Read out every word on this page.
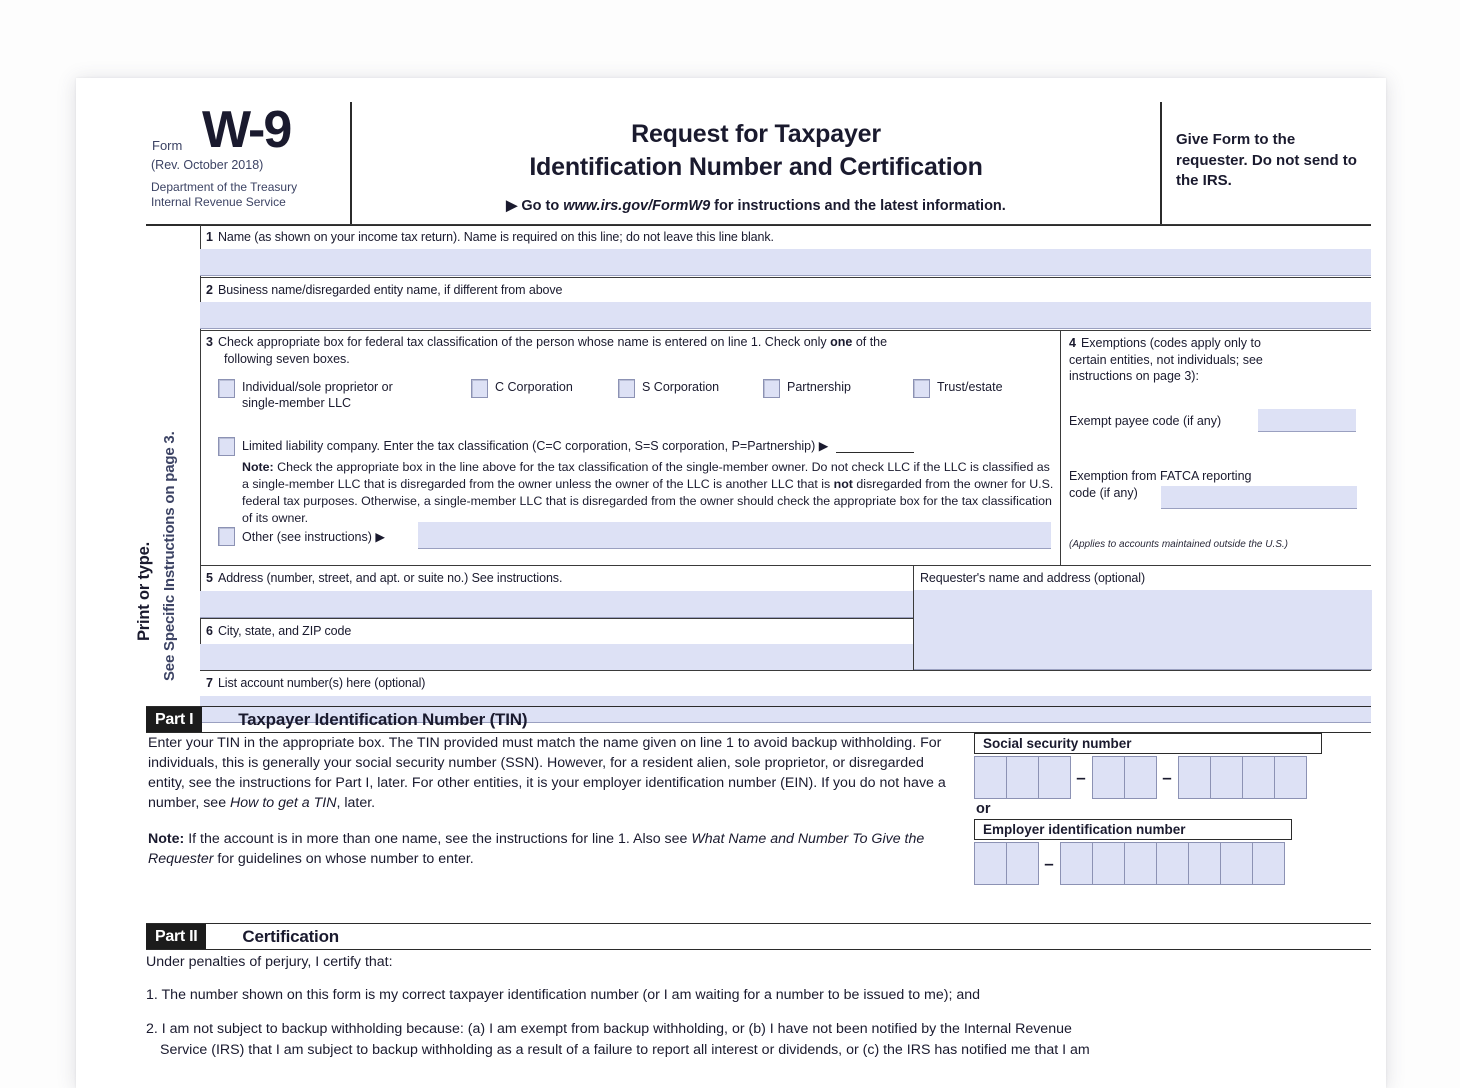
Form W-9
(Rev. October 2018)
Department of the Treasury
Internal Revenue Service
Request for Taxpayer
Identification Number and Certification
▶ Go to www.irs.gov/FormW9 for instructions and the latest information.
Give Form to the requester. Do not send to the IRS.
Print or type. See Specific Instructions on page 3.
1 Name (as shown on your income tax return). Name is required on this line; do not leave this line blank.
2 Business name/disregarded entity name, if different from above
3 Check appropriate box for federal tax classification of the person whose name is entered on line 1. Check only one of the
following seven boxes.
Individual/sole proprietor or
single-member LLC
C Corporation	S Corporation	Partnership	Trust/estate
Limited liability company. Enter the tax classification (C=C corporation, S=S corporation, P=Partnership) ▶
Note: Check the appropriate box in the line above for the tax classification of the single-member owner. Do not check LLC if the LLC is classified as a single-member LLC that is disregarded from the owner unless the owner of the LLC is another LLC that is not disregarded from the owner for U.S. federal tax purposes. Otherwise, a single-member LLC that is disregarded from the owner should check the appropriate box for the tax classification of its owner.
Other (see instructions) ▶
4 Exemptions (codes apply only to
certain entities, not individuals; see
instructions on page 3):
Exempt payee code (if any)
Exemption from FATCA reporting
code (if any)
(Applies to accounts maintained outside the U.S.)
5 Address (number, street, and apt. or suite no.) See instructions.
6 City, state, and ZIP code
Requester's name and address (optional)
7 List account number(s) here (optional)
Part I	Taxpayer Identification Number (TIN)
Enter your TIN in the appropriate box. The TIN provided must match the name given on line 1 to avoid backup withholding. For individuals, this is generally your social security number (SSN). However, for a resident alien, sole proprietor, or disregarded entity, see the instructions for Part I, later. For other entities, it is your employer identification number (EIN). If you do not have a number, see How to get a TIN, later.
Note: If the account is in more than one name, see the instructions for line 1. Also see What Name and Number To Give the Requester for guidelines on whose number to enter.
Social security number
–	–
or
Employer identification number
–
Part II	Certification
Under penalties of perjury, I certify that:
1. The number shown on this form is my correct taxpayer identification number (or I am waiting for a number to be issued to me); and
2. I am not subject to backup withholding because: (a) I am exempt from backup withholding, or (b) I have not been notified by the Internal Revenue
Service (IRS) that I am subject to backup withholding as a result of a failure to report all interest or dividends, or (c) the IRS has notified me that I am
